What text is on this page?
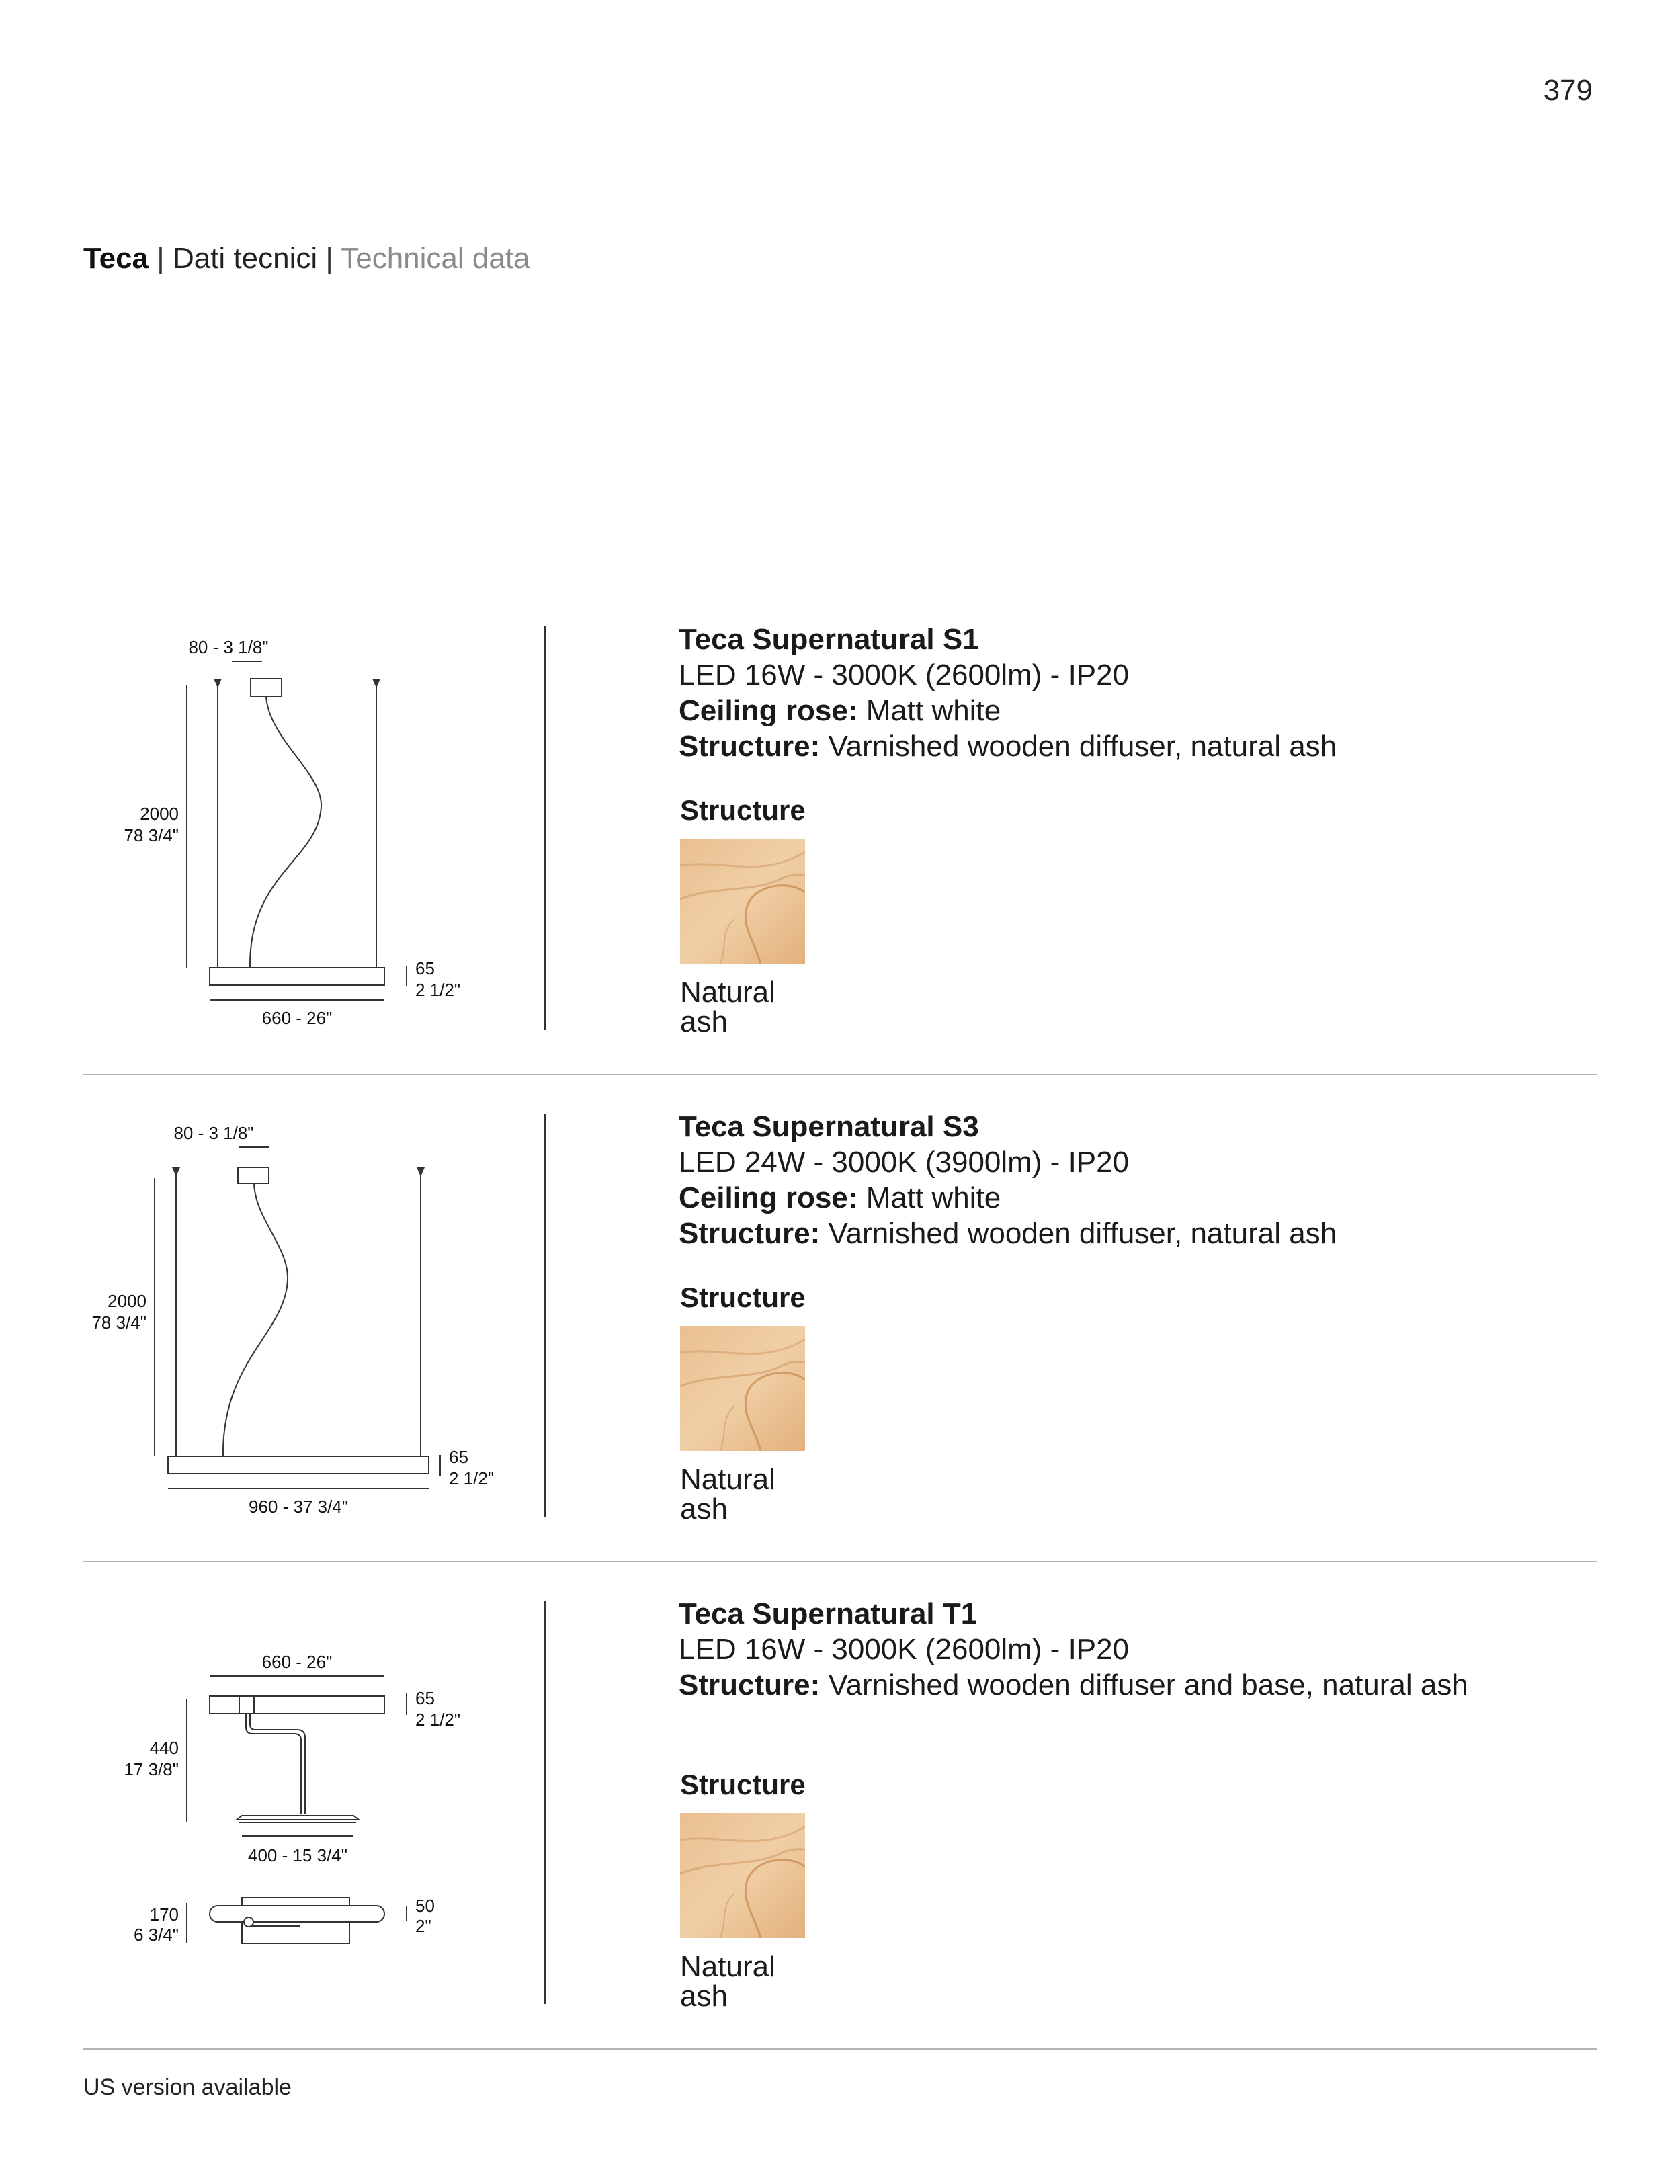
379
Teca | Dati tecnici | Technical data
80 - 3 1/8"
2000
78 3/4"
65
2 1/2"
660 - 26"
Teca Supernatural S1
LED 16W - 3000K (2600lm) - IP20
Ceiling rose: Matt white
Structure: Varnished wooden diffuser, natural ash
Structure
Natural
ash
80 - 3 1/8"
2000
78 3/4"
65
2 1/2"
960 - 37 3/4"
Teca Supernatural S3
LED 24W - 3000K (3900lm) - IP20
Ceiling rose: Matt white
Structure: Varnished wooden diffuser, natural ash
Structure
Natural
ash
660 - 26"
65
2 1/2"
440
17 3/8"
400 - 15 3/4"
50
2"
170
6 3/4"
Teca Supernatural T1
LED 16W - 3000K (2600lm) - IP20
Structure: Varnished wooden diffuser and base, natural ash
Structure
Natural
ash
US version available
